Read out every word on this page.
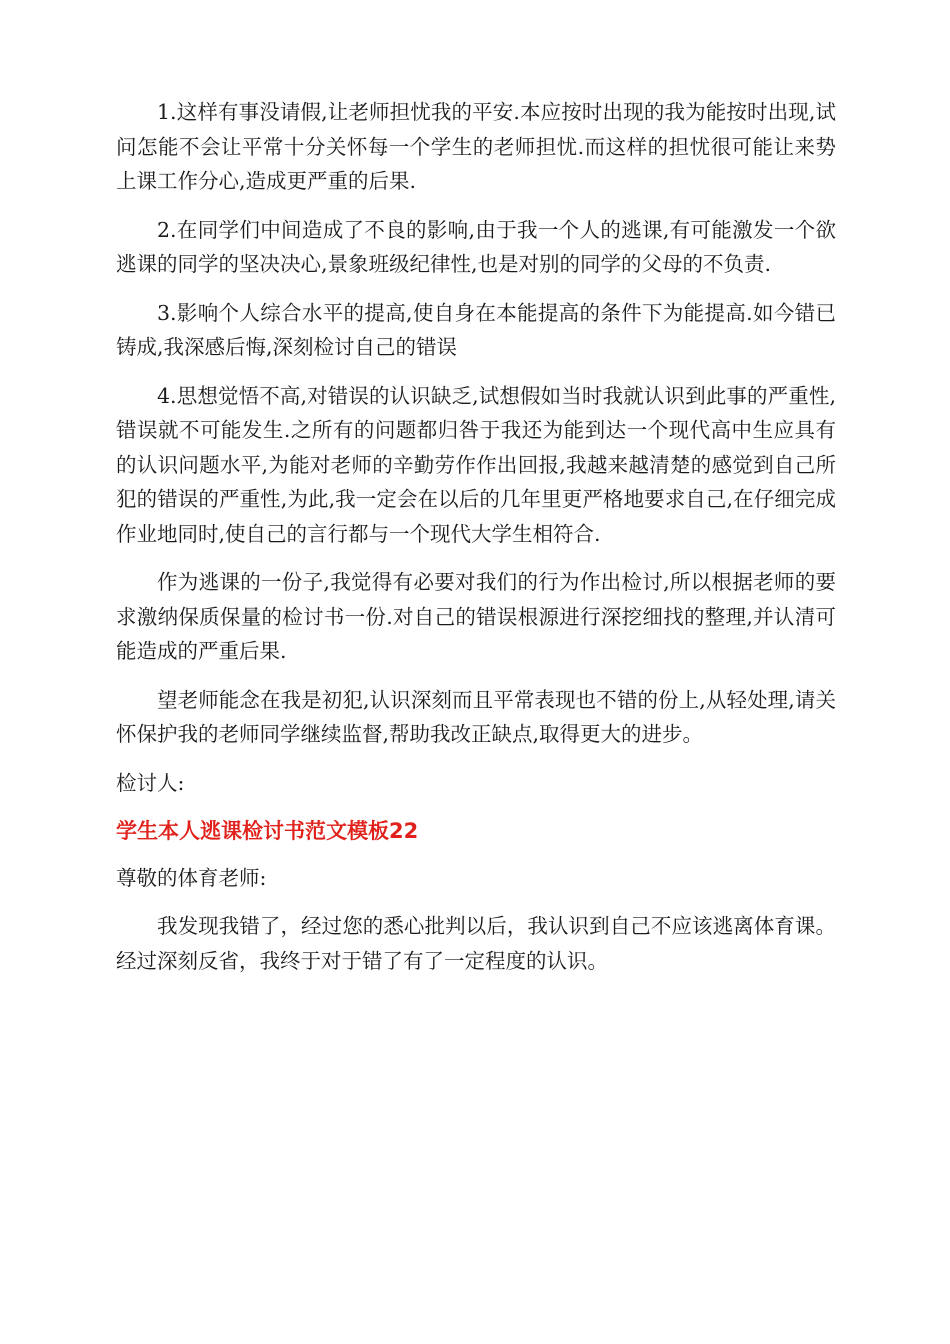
1.这样有事没请假,让老师担忧我的平安.本应按时出现的我为能按时出现,试问怎能不会让平常十分关怀每一个学生的老师担忧.而这样的担忧很可能让来势上课工作分心,造成更严重的后果.

2.在同学们中间造成了不良的影响,由于我一个人的逃课,有可能激发一个欲逃课的同学的坚决决心,景象班级纪律性,也是对别的同学的父母的不负责.

3.影响个人综合水平的提高,使自身在本能提高的条件下为能提高.如今错已铸成,我深感后悔,深刻检讨自己的错误

4.思想觉悟不高,对错误的认识缺乏,试想假如当时我就认识到此事的严重性,错误就不可能发生.之所有的问题都归咎于我还为能到达一个现代高中生应具有的认识问题水平,为能对老师的辛勤劳作作出回报,我越来越清楚的感觉到自己所犯的错误的严重性,为此,我一定会在以后的几年里更严格地要求自己,在仔细完成作业地同时,使自己的言行都与一个现代大学生相符合.

作为逃课的一份子,我觉得有必要对我们的行为作出检讨,所以根据老师的要求激纳保质保量的检讨书一份.对自己的错误根源进行深挖细找的整理,并认清可能造成的严重后果.

望老师能念在我是初犯,认识深刻而且平常表现也不错的份上,从轻处理,请关怀保护我的老师同学继续监督,帮助我改正缺点,取得更大的进步。

检讨人:

学生本人逃课检讨书范文模板22

尊敬的体育老师:

我发现我错了，经过您的悉心批判以后，我认识到自己不应该逃离体育课。经过深刻反省，我终于对于错了有了一定程度的认识。
